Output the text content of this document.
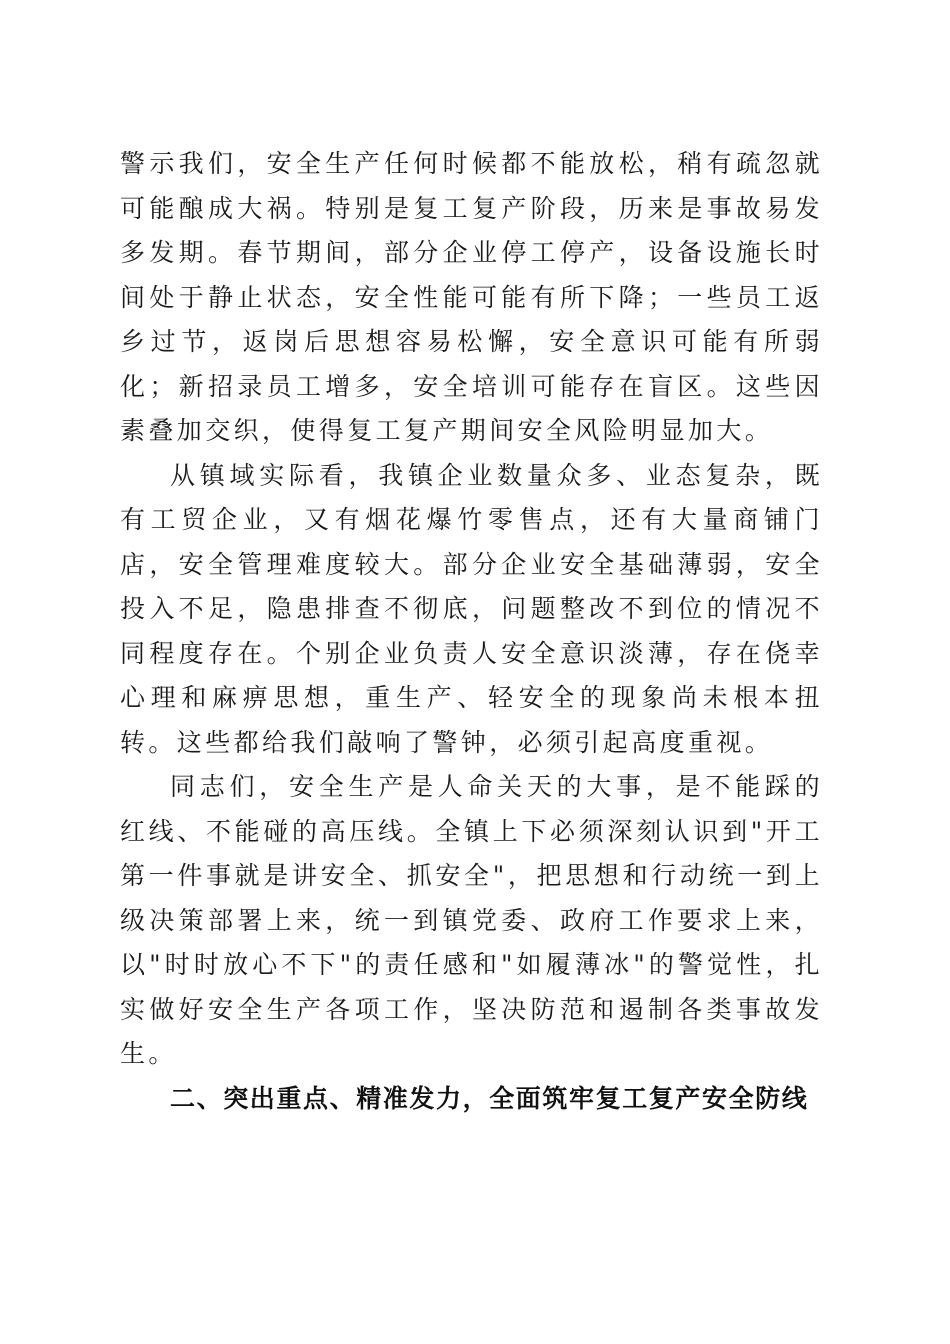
警示我们，安全生产任何时候都不能放松，稍有疏忽就可能酿成大祸。特别是复工复产阶段，历来是事故易发多发期。春节期间，部分企业停工停产，设备设施长时间处于静止状态，安全性能可能有所下降；一些员工返乡过节，返岗后思想容易松懈，安全意识可能有所弱化；新招录员工增多，安全培训可能存在盲区。这些因素叠加交织，使得复工复产期间安全风险明显加大。

从镇域实际看，我镇企业数量众多、业态复杂，既有工贸企业，又有烟花爆竹零售点，还有大量商铺门店，安全管理难度较大。部分企业安全基础薄弱，安全投入不足，隐患排查不彻底，问题整改不到位的情况不同程度存在。个别企业负责人安全意识淡薄，存在侥幸心理和麻痹思想，重生产、轻安全的现象尚未根本扭转。这些都给我们敲响了警钟，必须引起高度重视。

同志们，安全生产是人命关天的大事，是不能踩的红线、不能碰的高压线。全镇上下必须深刻认识到"开工第一件事就是讲安全、抓安全"，把思想和行动统一到上级决策部署上来，统一到镇党委、政府工作要求上来，以"时时放心不下"的责任感和"如履薄冰"的警觉性，扎实做好安全生产各项工作，坚决防范和遏制各类事故发生。

二、突出重点、精准发力，全面筑牢复工复产安全防线
